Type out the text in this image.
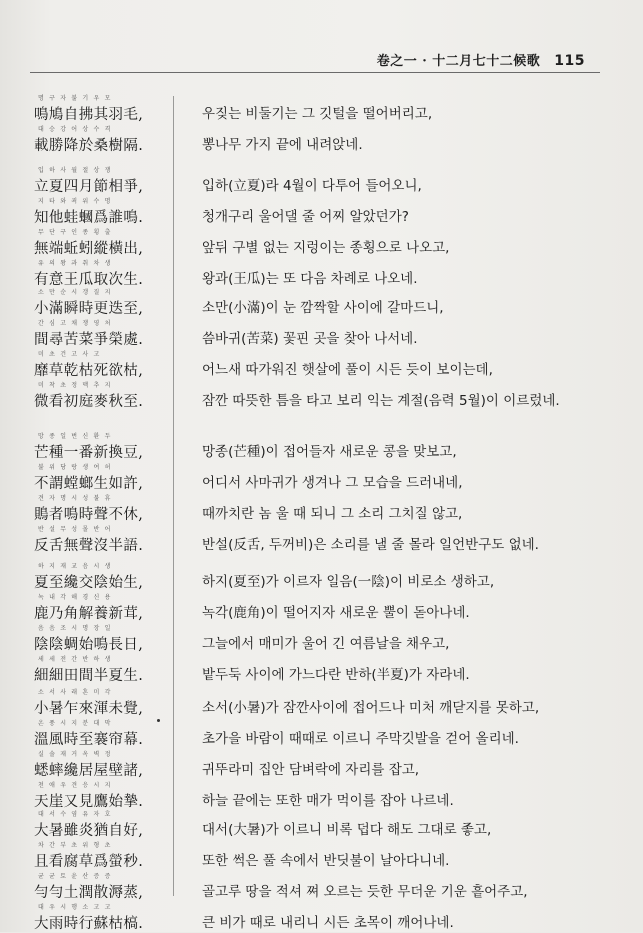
卷之一 · 十二月七十二候歌 115
명구자불기우모
鳴鳩自拂其羽毛,	우짖는 비둘기는 그 깃털을 떨어버리고,
대승강어상수격
載勝降於桑樹隔.	뽕나무 가지 끝에 내려앉네.
입하사월절상쟁
立夏四月節相爭,	입하(立夏)라 4월이 다투어 들어오니,
지타와괵위수명
知他蛙蟈爲誰鳴.	청개구리 울어댈 줄 어찌 알았던가?
무단구인종횡출
無端蚯蚓縱橫出,	앞뒤 구별 없는 지렁이는 종횡으로 나오고,
유의왕과취차생
有意王瓜取次生.	왕과(王瓜)는 또 다음 차례로 나오네.
소만순시갱질지
小滿瞬時更迭至,	소만(小滿)이 눈 깜짝할 사이에 갈마드니,
간심고채쟁영처
間尋苦菜爭榮處.	씀바귀(苦菜) 꽃핀 곳을 찾아 나서네.
미초건고사고
靡草乾枯死欲枯,	어느새 따가워진 햇살에 풀이 시든 듯이 보이는데,
미착초정맥추지
微看初庭麥秋至.	잠깐 따뜻한 틈을 타고 보리 익는 계절(음력 5월)이 이르렀네.
망종일번신환두
芒種一番新換豆,	망종(芒種)이 접어들자 새로운 콩을 맞보고,
불위당랑생여허
不謂螳螂生如許,	어디서 사마귀가 생겨나 그 모습을 드러내네,
견자명시성불휴
鵙者鳴時聲不休,	때까치란 놈 울 때 되니 그 소리 그치질 않고,
반설무성몰반어
反舌無聲沒半語.	반설(反舌, 두꺼비)은 소리를 낼 줄 몰라 일언반구도 없네.
하지재교음시생
夏至纔交陰始生,	하지(夏至)가 이르자 일음(一陰)이 비로소 생하고,
녹내각해경신용
鹿乃角解養新茸,	녹각(鹿角)이 떨어지자 새로운 뿔이 돋아나네.
음음조시명장일
陰陰蜩始鳴長日,	그늘에서 매미가 울어 긴 여름날을 채우고,
세세전간반하생
細細田間半夏生.	밭두둑 사이에 가느다란 반하(半夏)가 자라네.
소서사래혼미각
小暑乍來渾未覺,	소서(小暑)가 잠깐사이에 접어드나 미처 깨닫지를 못하고,
온풍시지분대막
溫風時至褰帘幕.	초가을 바람이 때때로 이르니 주막깃발을 걷어 올리네.
실솔재거옥벽정
蟋蟀纔居屋壁諸,	귀뚜라미 집안 담벼락에 자리를 잡고,
천애우견응시지
天崖又見鷹始摯.	하늘 끝에는 또한 매가 먹이를 잡아 나르네.
대서수염유자호
大暑雖炎猶自好,	대서(大暑)가 이르니 비록 덥다 해도 그대로 좋고,
차간부초위형초
且看腐草爲螢秒.	또한 썩은 풀 속에서 반딧불이 날아다니네.
균균토윤산증증
勻勻土潤散溽蒸,	골고루 땅을 적셔 쪄 오르는 듯한 무더운 기운 흩어주고,
대우시행소고고
大雨時行蘇枯槁.	큰 비가 때로 내리니 시든 초목이 깨어나네.
